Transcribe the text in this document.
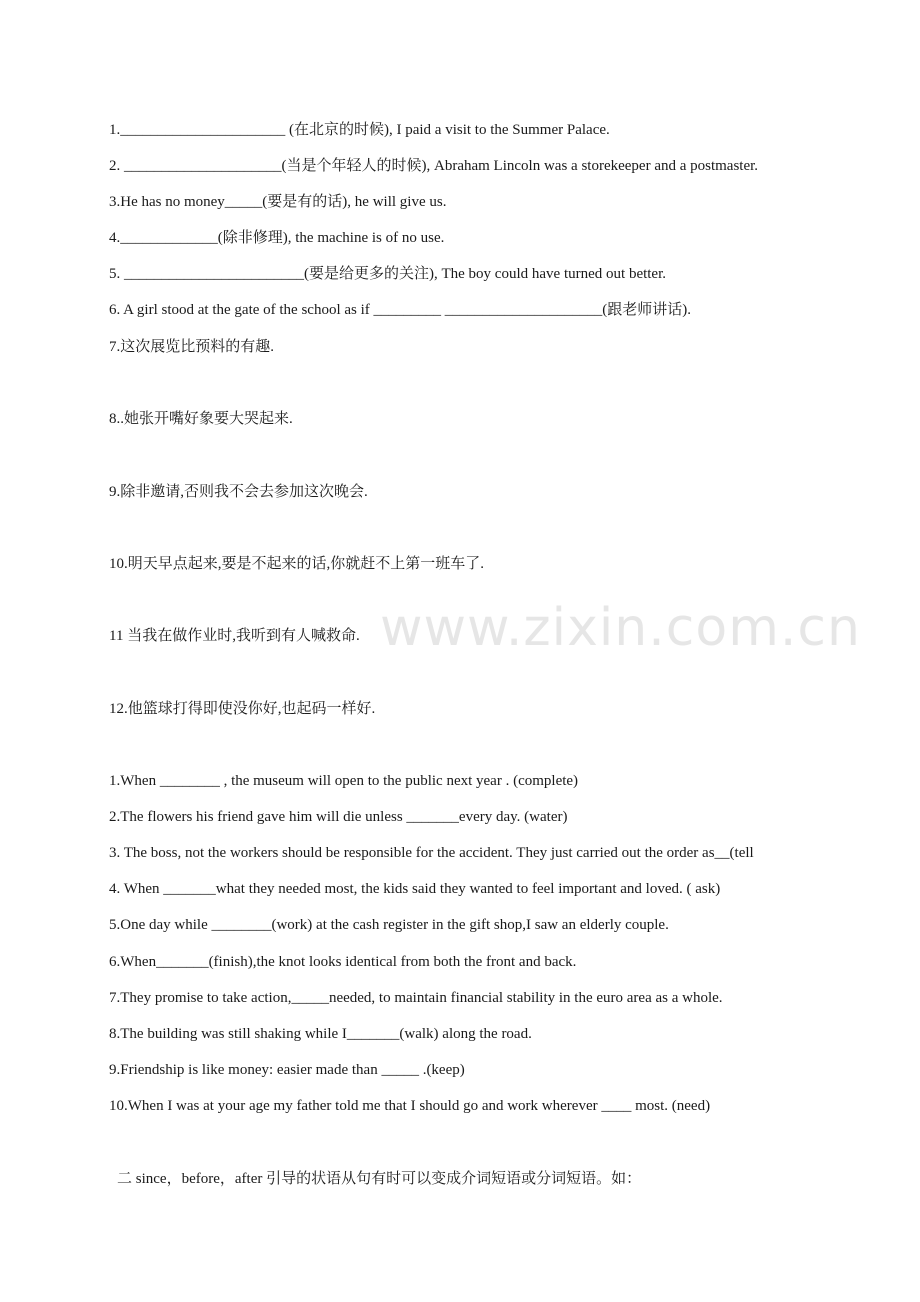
www.zixin.com.cn
1.______________________ (在北京的时候), I paid a visit to the Summer Palace.
2. _____________________(当是个年轻人的时候), Abraham Lincoln was a storekeeper and a postmaster.
3.He has no money_____(要是有的话), he will give us.
4._____________(除非修理), the machine is of no use.
5. ________________________(要是给更多的关注), The boy could have turned out better.
6. A girl stood at the gate of the school as if _________ _____________________(跟老师讲话).
7.这次展览比预料的有趣.
8..她张开嘴好象要大哭起来.
9.除非邀请,否则我不会去参加这次晚会.
10.明天早点起来,要是不起来的话,你就赶不上第一班车了.
11 当我在做作业时,我听到有人喊救命.
12.他篮球打得即使没你好,也起码一样好.
1.When ________ , the museum will open to the public next year . (complete)
2.The flowers his friend gave him will die unless _______every day. (water)
3. The boss, not the workers should be responsible for the accident. They just carried out the order as__(tell
4. When _______what they needed most, the kids said they wanted to feel important and loved. ( ask)
5.One day while ________(work) at the cash register in the gift shop,I saw an elderly couple.
6.When_______(finish),the knot looks identical from both the front and back.
7.They promise to take action,_____needed, to maintain financial stability in the euro area as a whole.
8.The building was still shaking while I_______(walk) along the road.
9.Friendship is like money: easier made than _____ .(keep)
10.When I was at your age my father told me that I should go and work wherever ____ most. (need)
二 since，before，after 引导的状语从句有时可以变成介词短语或分词短语。如：
